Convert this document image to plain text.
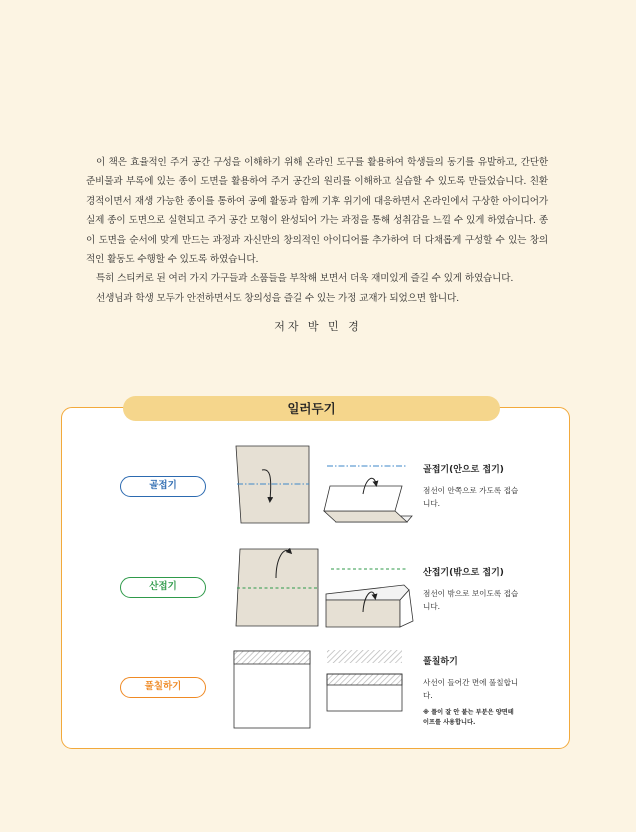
이 책은 효율적인 주거 공간 구성을 이해하기 위해 온라인 도구를 활용하여 학생들의 동기를 유발하고, 간단한 준비물과 부록에 있는 종이 도면을 활용하여 주거 공간의 원리를 이해하고 실습할 수 있도록 만들었습니다. 친환경적이면서 재생 가능한 종이를 통하여 공예 활동과 함께 기후 위기에 대응하면서 온라인에서 구상한 아이디어가 실제 종이 도면으로 실현되고 주거 공간 모형이 완성되어 가는 과정을 통해 성취감을 느낄 수 있게 하였습니다. 종이 도면을 순서에 맞게 만드는 과정과 자신만의 창의적인 아이디어를 추가하여 더 다채롭게 구성할 수 있는 창의적인 활동도 수행할 수 있도록 하였습니다.

특히 스티커로 된 여러 가지 가구들과 소품들을 부착해 보면서 더욱 재미있게 즐길 수 있게 하였습니다.

선생님과 학생 모두가 안전하면서도 창의성을 즐길 수 있는 가정 교재가 되었으면 합니다.

저자 박 민 경
일러두기
골접기
산접기
풀칠하기
골접기(안으로 접기)
점선이 안쪽으로 가도록 접습니다.
산접기(밖으로 접기)
점선이 밖으로 보이도록 접습니다.
풀칠하기
사선이 들어간 면에 풀칠합니다.
※ 풀이 잘 안 붙는 부분은 양면테이프를 사용합니다.
